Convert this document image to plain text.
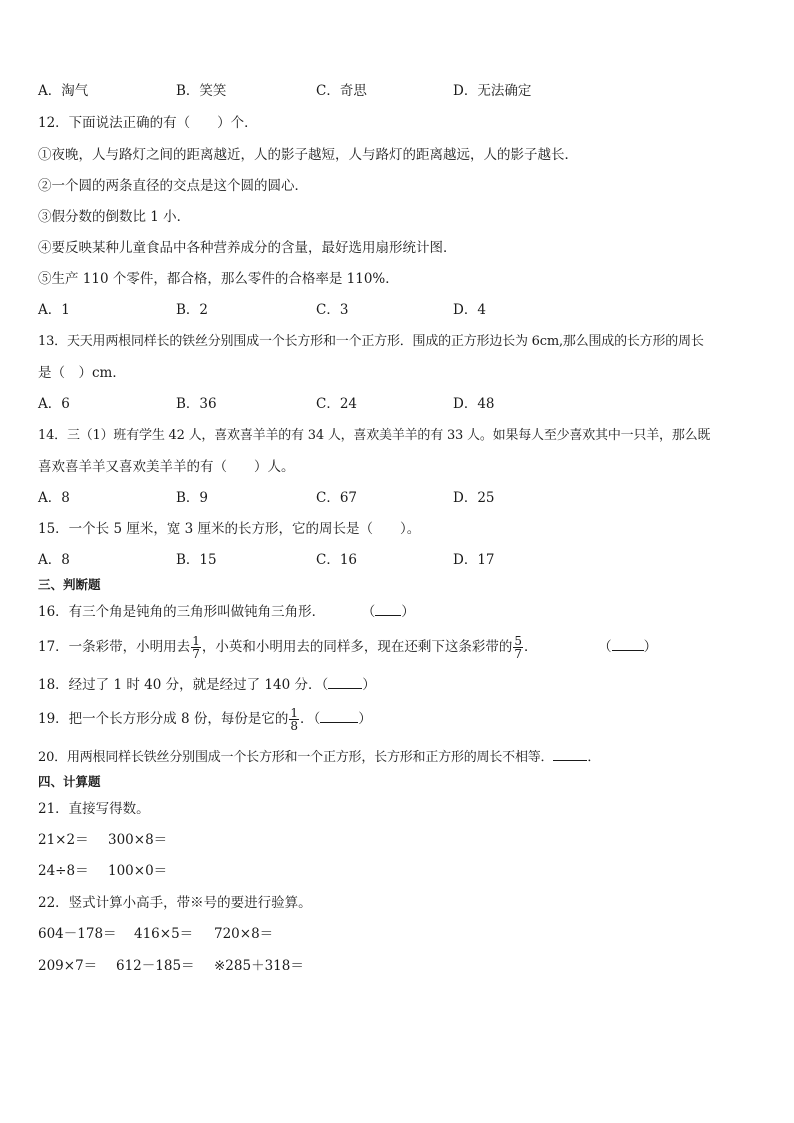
A．淘气	B．笑笑	C．奇思	D．无法确定
12．下面说法正确的有（　　）个．
①夜晚，人与路灯之间的距离越近，人的影子越短，人与路灯的距离越远，人的影子越长．
②一个圆的两条直径的交点是这个圆的圆心．
③假分数的倒数比 1 小．
④要反映某种儿童食品中各种营养成分的含量，最好选用扇形统计图．
⑤生产 110 个零件，都合格，那么零件的合格率是 110%．
A．1	B．2	C．3	D．4
13．天天用两根同样长的铁丝分别围成一个长方形和一个正方形．围成的正方形边长为 6cm,那么围成的长方形的周长
是（　）cm．
A．6	B．36	C．24	D．48
14．三（1）班有学生 42 人，喜欢喜羊羊的有 34 人，喜欢美羊羊的有 33 人。如果每人至少喜欢其中一只羊，那么既
喜欢喜羊羊又喜欢美羊羊的有（　　）人。
A．8	B．9	C．67	D．25
15．一个长 5 厘米，宽 3 厘米的长方形，它的周长是（　　）。
A．8	B．15	C．16	D．17
三、判断题
16．有三个角是钝角的三角形叫做钝角三角形．	（ ）
17．一条彩带，小明用去 $\frac{1}{7}$ ，小英和小明用去的同样多，现在还剩下这条彩带的 $\frac{5}{7}$ ．	（ ）
18．经过了 1 时 40 分，就是经过了 140 分．（	）
19．把一个长方形分成 8 份，每份是它的 $\frac{1}{8}$ ．（	）
20．用两根同样长铁丝分别围成一个长方形和一个正方形，长方形和正方形的周长不相等．	．
四、计算题
21．直接写得数。
21×2＝ 300×8＝
24÷8＝ 100×0＝
22．竖式计算小高手，带※号的要进行验算。
604－178＝ 416×5＝ 720×8＝
209×7＝ 612－185＝ ※285＋318＝
